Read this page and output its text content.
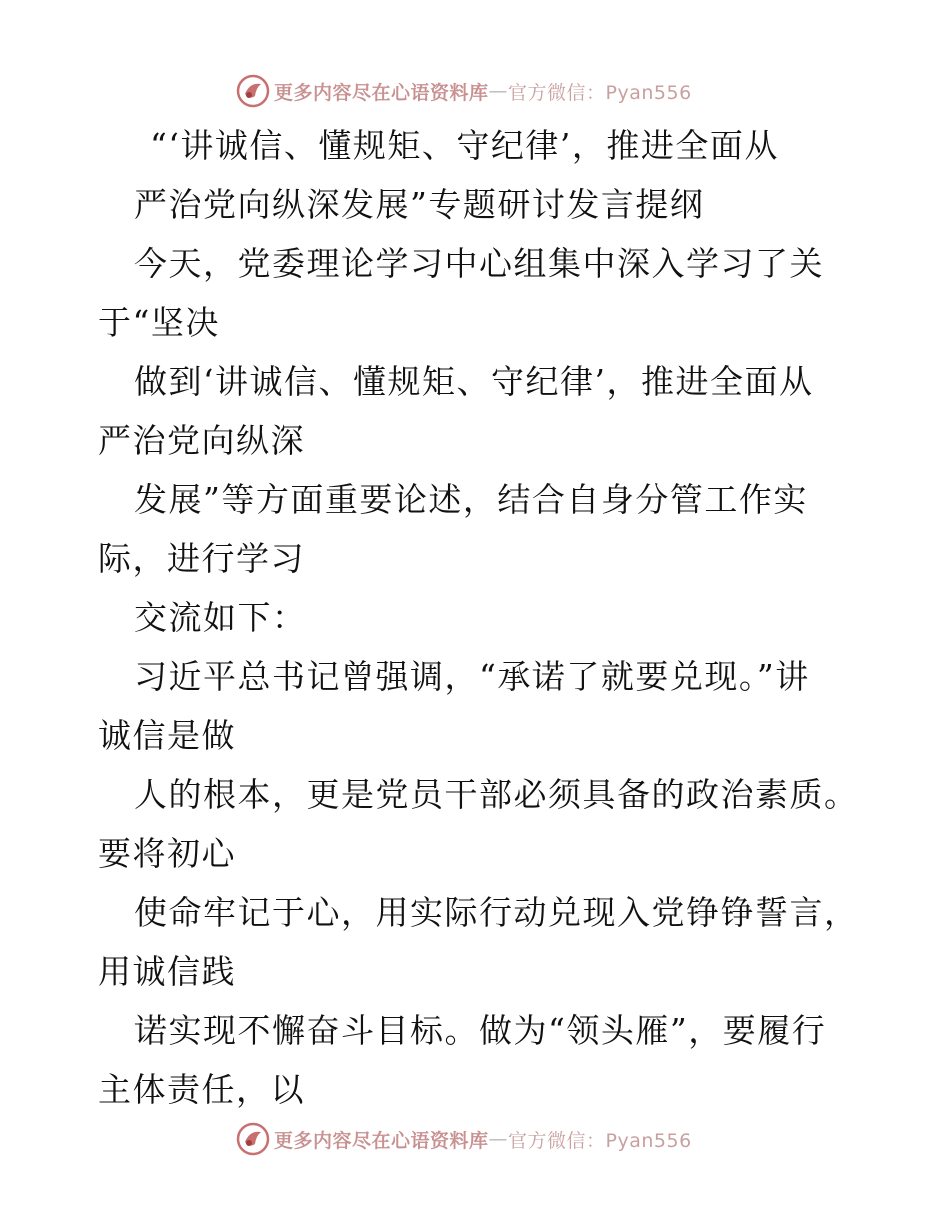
更多内容尽在心语资料库 — 官方微信：Pyan556
“‘讲诚信、懂规矩、守纪律’，推进全面从
严治党向纵深发展”专题研讨发言提纲
今天，党委理论学习中心组集中深入学习了关
于“坚决
做到‘讲诚信、懂规矩、守纪律’，推进全面从
严治党向纵深
发展”等方面重要论述，结合自身分管工作实
际，进行学习
交流如下：
习近平总书记曾强调，“承诺了就要兑现。”讲
诚信是做
人的根本，更是党员干部必须具备的政治素质。
要将初心
使命牢记于心，用实际行动兑现入党铮铮誓言，
用诚信践
诺实现不懈奋斗目标。做为“领头雁”，要履行
主体责任，以
更多内容尽在心语资料库 — 官方微信：Pyan556
